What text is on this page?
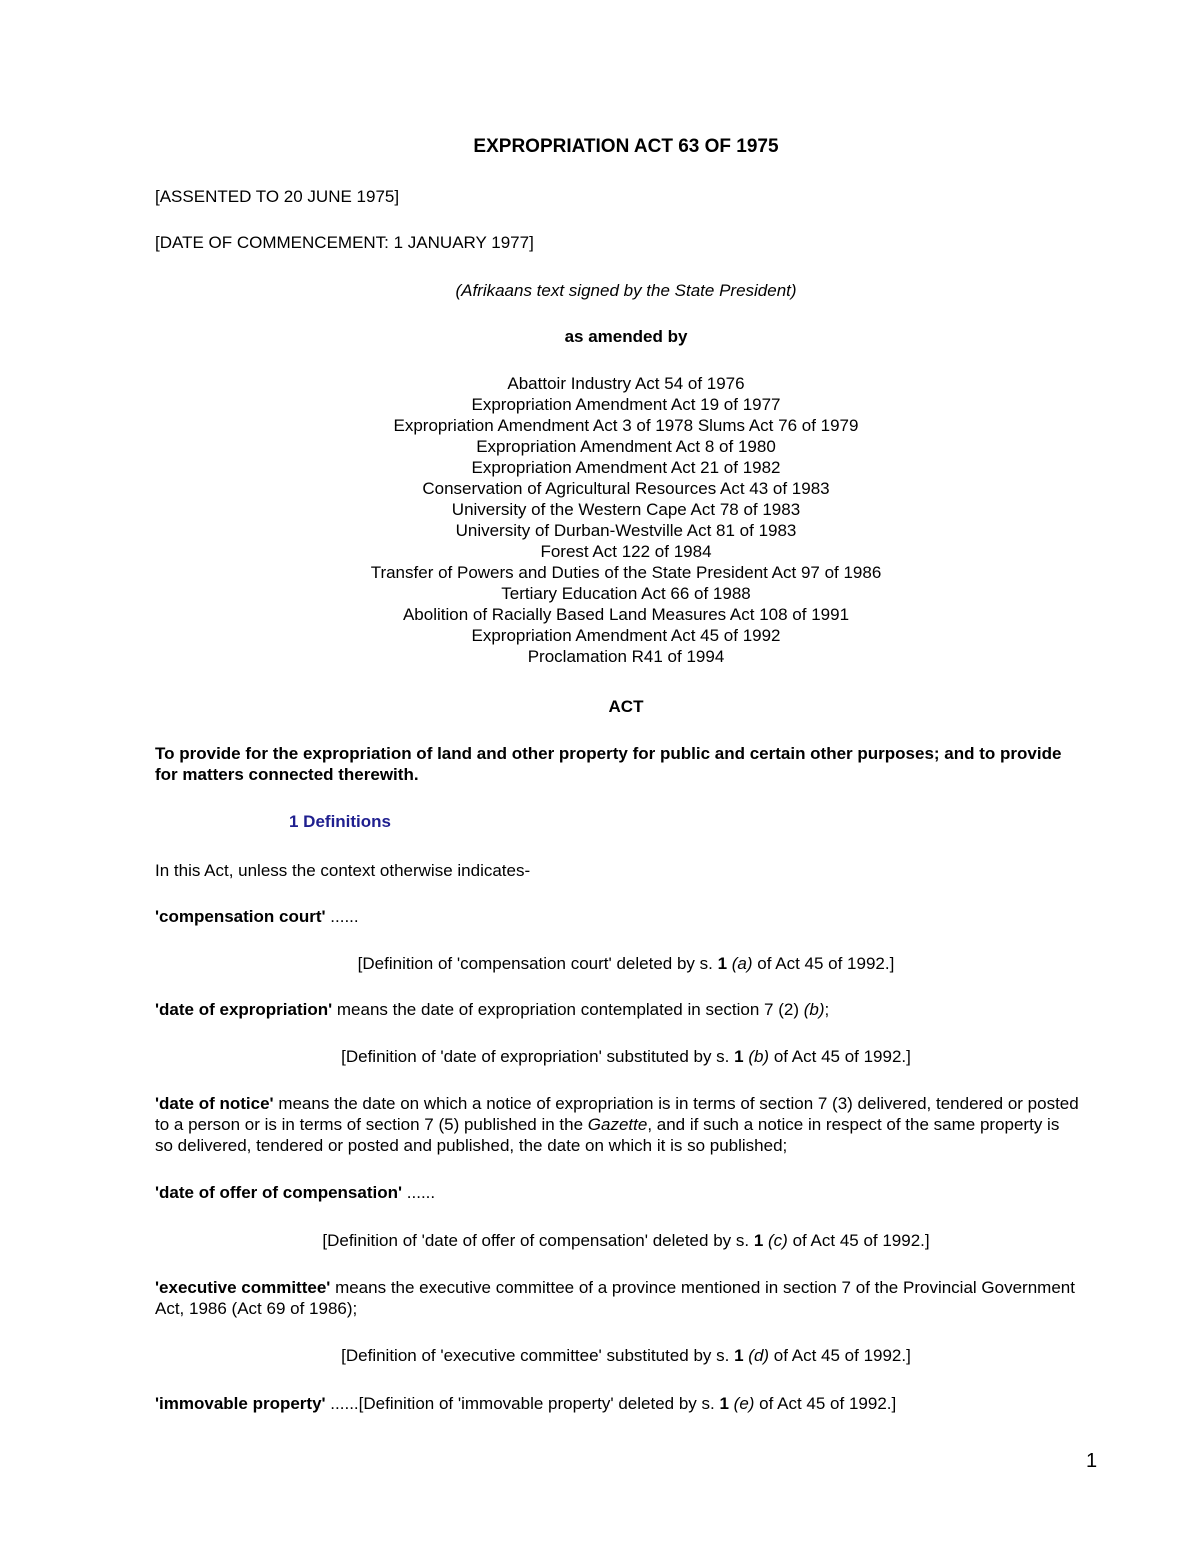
EXPROPRIATION ACT 63 OF 1975
[ASSENTED TO 20 JUNE 1975]
[DATE OF COMMENCEMENT: 1 JANUARY 1977]
(Afrikaans text signed by the State President)
as amended by
Abattoir Industry Act 54 of 1976
Expropriation Amendment Act 19 of 1977
Expropriation Amendment Act 3 of 1978 Slums Act 76 of 1979
Expropriation Amendment Act 8 of 1980
Expropriation Amendment Act 21 of 1982
Conservation of Agricultural Resources Act 43 of 1983
University of the Western Cape Act 78 of 1983
University of Durban-Westville Act 81 of 1983
Forest Act 122 of 1984
Transfer of Powers and Duties of the State President Act 97 of 1986
Tertiary Education Act 66 of 1988
Abolition of Racially Based Land Measures Act 108 of 1991
Expropriation Amendment Act 45 of 1992
Proclamation R41 of 1994
ACT
To provide for the expropriation of land and other property for public and certain other purposes; and to provide for matters connected therewith.
1 Definitions
In this Act, unless the context otherwise indicates-
'compensation court' ......
[Definition of 'compensation court' deleted by s. 1 (a) of Act 45 of 1992.]
'date of expropriation' means the date of expropriation contemplated in section 7 (2) (b);
[Definition of 'date of expropriation' substituted by s. 1 (b) of Act 45 of 1992.]
'date of notice' means the date on which a notice of expropriation is in terms of section 7 (3) delivered, tendered or posted to a person or is in terms of section 7 (5) published in the Gazette, and if such a notice in respect of the same property is so delivered, tendered or posted and published, the date on which it is so published;
'date of offer of compensation' ......
[Definition of 'date of offer of compensation' deleted by s. 1 (c) of Act 45 of 1992.]
'executive committee' means the executive committee of a province mentioned in section 7 of the Provincial Government Act, 1986 (Act 69 of 1986);
[Definition of 'executive committee' substituted by s. 1 (d) of Act 45 of 1992.]
'immovable property' ......[Definition of 'immovable property' deleted by s. 1 (e) of Act 45 of 1992.]
1
